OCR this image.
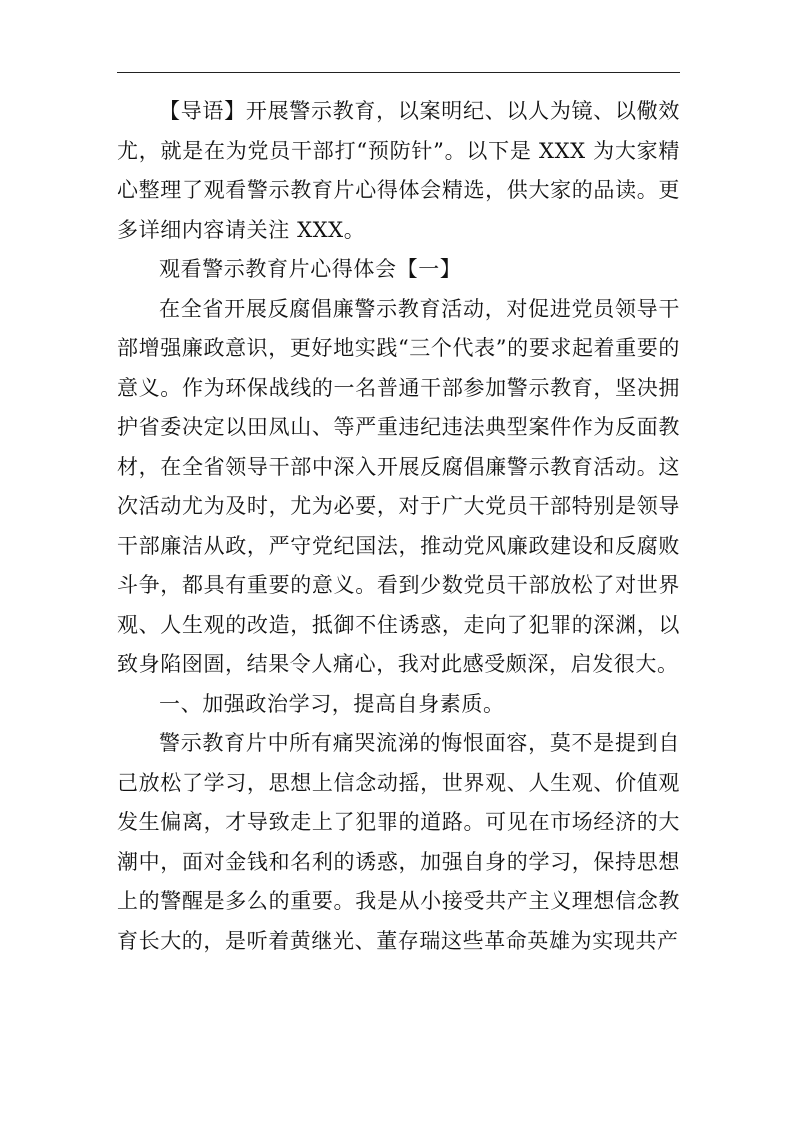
【导语】开展警示教育，以案明纪、以人为镜、以儆效尤，就是在为党员干部打“预防针”。以下是 XXX 为大家精心整理了观看警示教育片心得体会精选，供大家的品读。更多详细内容请关注 XXX。

观看警示教育片心得体会【一】

在全省开展反腐倡廉警示教育活动，对促进党员领导干部增强廉政意识，更好地实践“三个代表”的要求起着重要的意义。作为环保战线的一名普通干部参加警示教育，坚决拥护省委决定以田凤山、等严重违纪违法典型案件作为反面教材，在全省领导干部中深入开展反腐倡廉警示教育活动。这次活动尤为及时，尤为必要，对于广大党员干部特别是领导干部廉洁从政，严守党纪国法，推动党风廉政建设和反腐败斗争，都具有重要的意义。看到少数党员干部放松了对世界观、人生观的改造，抵御不住诱惑，走向了犯罪的深渊，以致身陷囹圄，结果令人痛心，我对此感受颇深，启发很大。

一、加强政治学习，提高自身素质。

警示教育片中所有痛哭流涕的悔恨面容，莫不是提到自己放松了学习，思想上信念动摇，世界观、人生观、价值观发生偏离，才导致走上了犯罪的道路。可见在市场经济的大潮中，面对金钱和名利的诱惑，加强自身的学习，保持思想上的警醒是多么的重要。我是从小接受共产主义理想信念教育长大的，是听着黄继光、董存瑞这些革命英雄为实现共产
